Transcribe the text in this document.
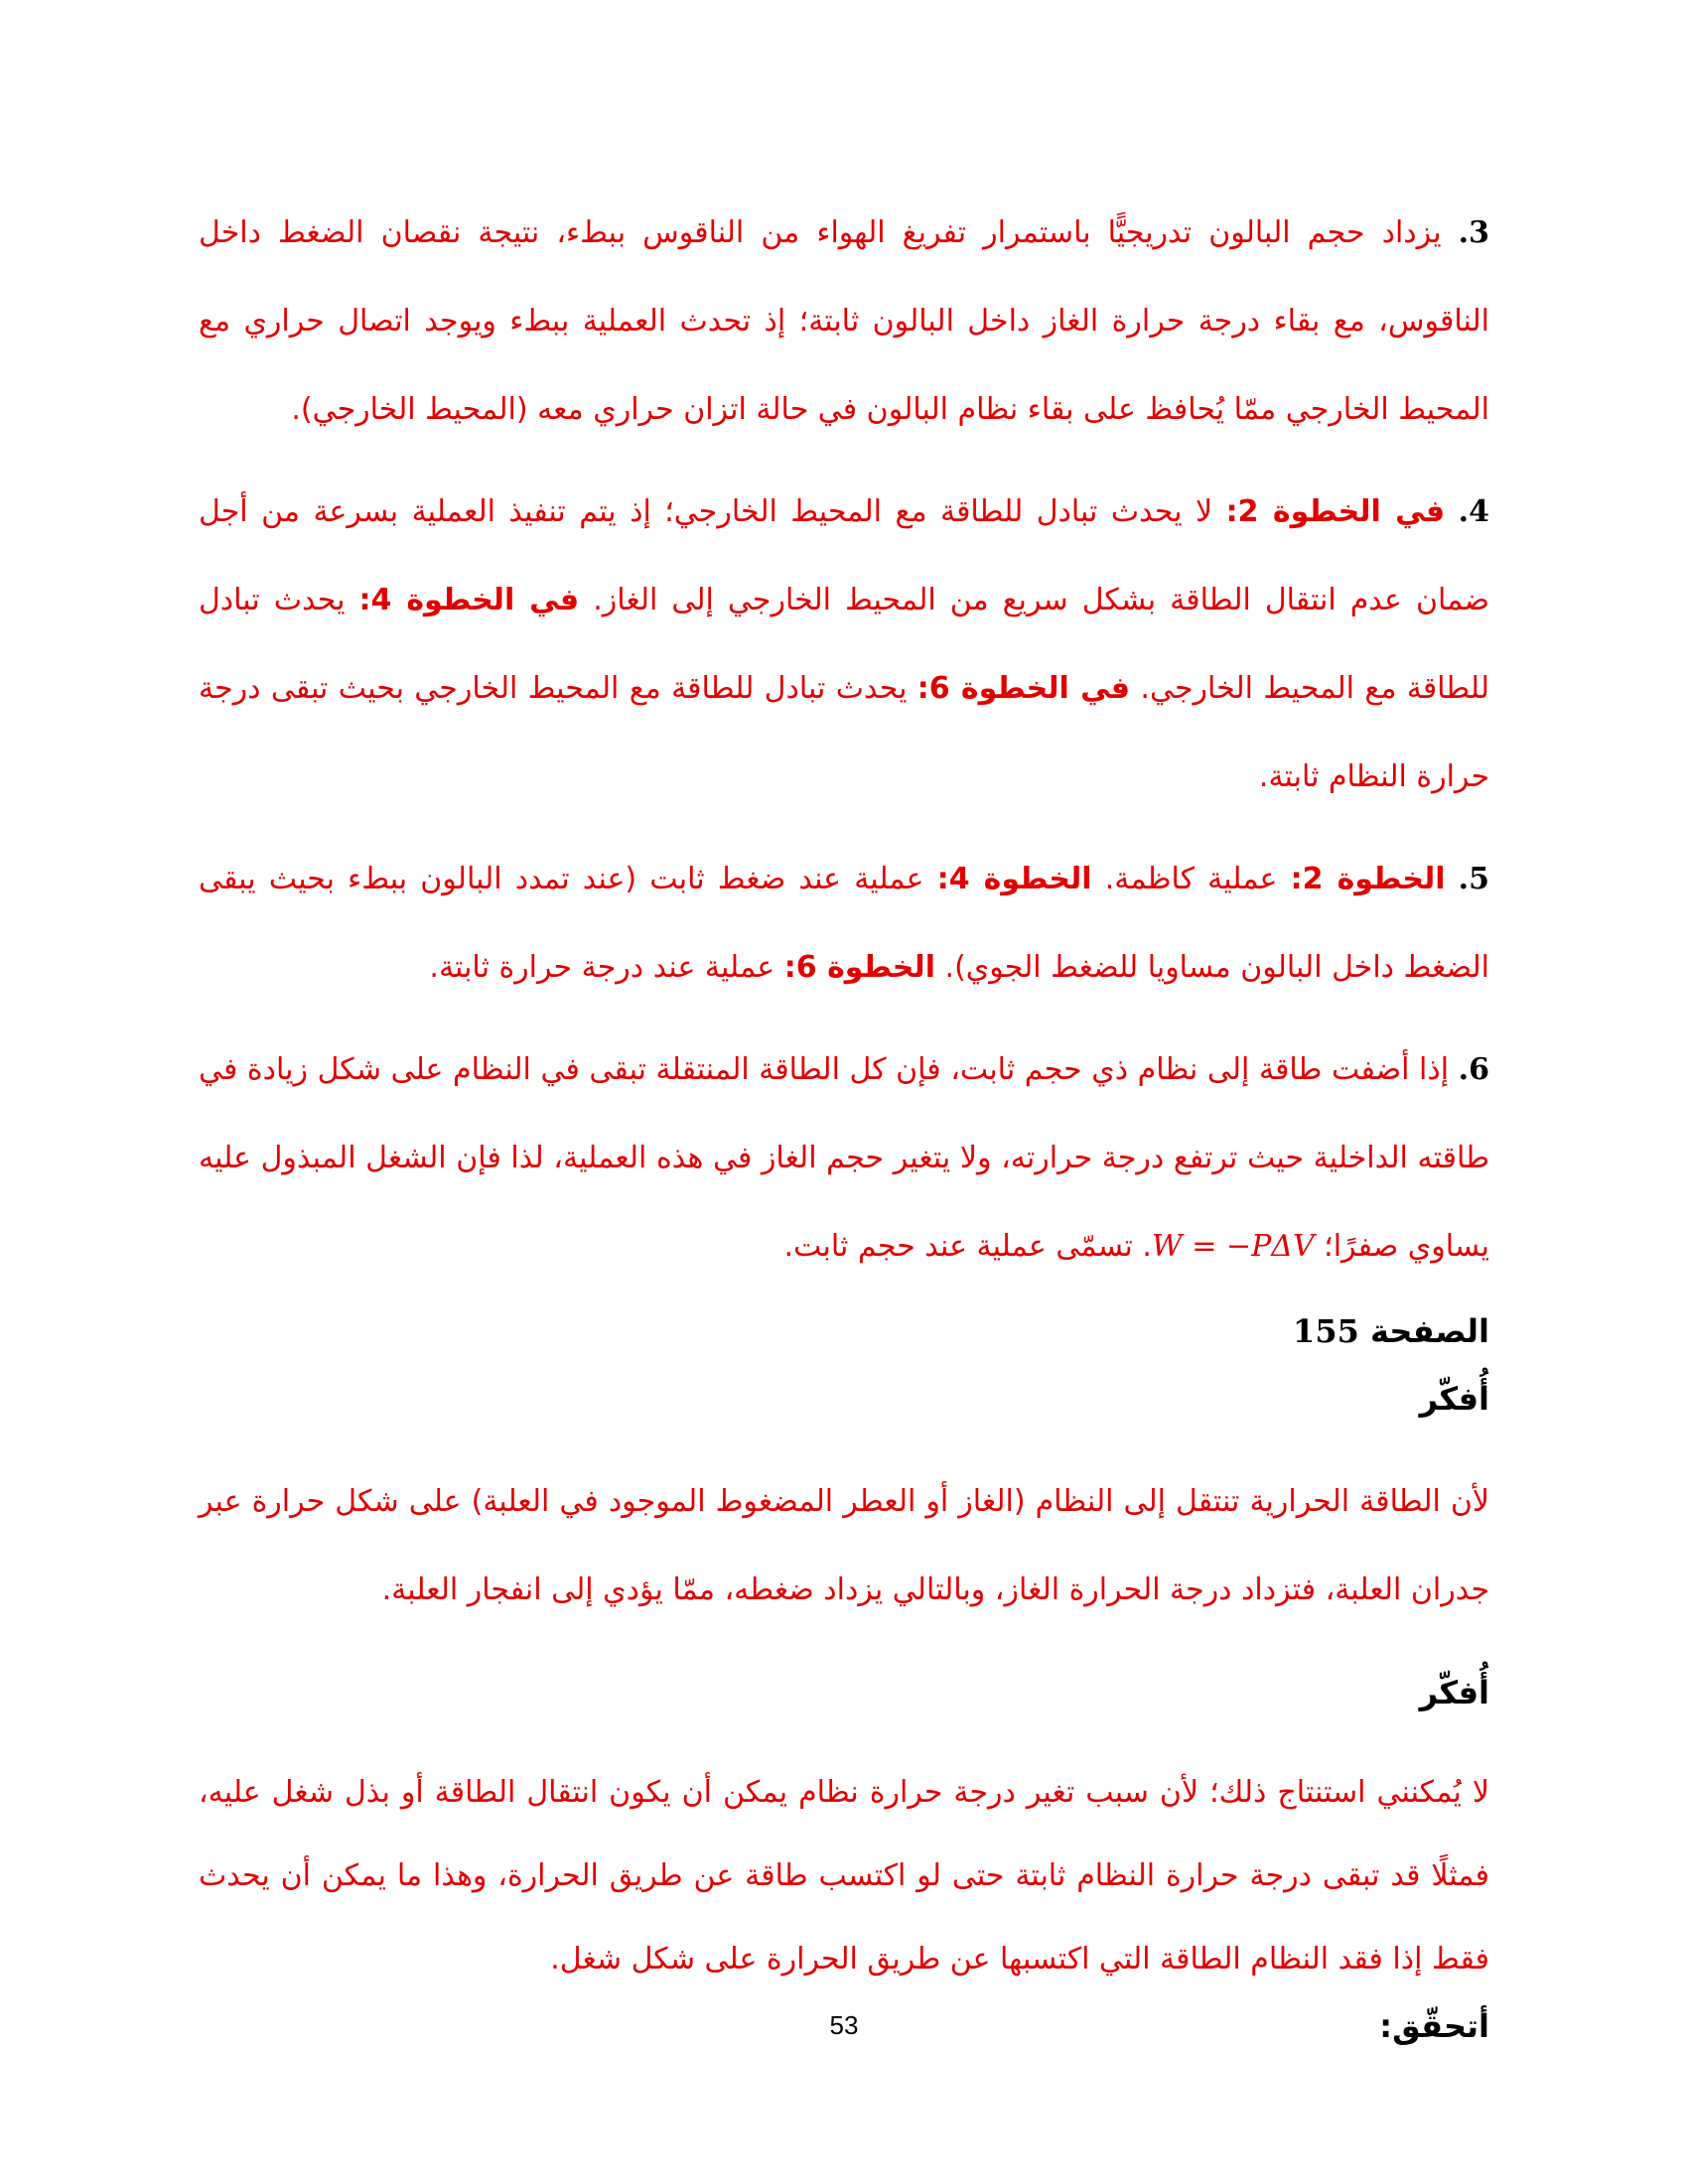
3. يزداد حجم البالون تدريجيًّا باستمرار تفريغ الهواء من الناقوس ببطء، نتيجة نقصان الضغط داخل الناقوس، مع بقاء درجة حرارة الغاز داخل البالون ثابتة؛ إذ تحدث العملية ببطء ويوجد اتصال حراري مع المحيط الخارجي ممّا يُحافظ على بقاء نظام البالون في حالة اتزان حراري معه (المحيط الخارجي).

4. في الخطوة 2: لا يحدث تبادل للطاقة مع المحيط الخارجي؛ إذ يتم تنفيذ العملية بسرعة من أجل ضمان عدم انتقال الطاقة بشكل سريع من المحيط الخارجي إلى الغاز. في الخطوة 4: يحدث تبادل للطاقة مع المحيط الخارجي. في الخطوة 6: يحدث تبادل للطاقة مع المحيط الخارجي بحيث تبقى درجة حرارة النظام ثابتة.

5. الخطوة 2: عملية كاظمة. الخطوة 4: عملية عند ضغط ثابت (عند تمدد البالون ببطء بحيث يبقى الضغط داخل البالون مساويا للضغط الجوي). الخطوة 6: عملية عند درجة حرارة ثابتة.

6. إذا أضفت طاقة إلى نظام ذي حجم ثابت، فإن كل الطاقة المنتقلة تبقى في النظام على شكل زيادة في طاقته الداخلية حيث ترتفع درجة حرارته، ولا يتغير حجم الغاز في هذه العملية، لذا فإن الشغل المبذول عليه يساوي صفرًا؛ W = −PΔV. تسمّى عملية عند حجم ثابت.

الصفحة 155

أُفكّر

لأن الطاقة الحرارية تنتقل إلى النظام (الغاز أو العطر المضغوط الموجود في العلبة) على شكل حرارة عبر جدران العلبة، فتزداد درجة الحرارة الغاز، وبالتالي يزداد ضغطه، ممّا يؤدي إلى انفجار العلبة.

أُفكّر

لا يُمكنني استنتاج ذلك؛ لأن سبب تغير درجة حرارة نظام يمكن أن يكون انتقال الطاقة أو بذل شغل عليه، فمثلًا قد تبقى درجة حرارة النظام ثابتة حتى لو اكتسب طاقة عن طريق الحرارة، وهذا ما يمكن أن يحدث فقط إذا فقد النظام الطاقة التي اكتسبها عن طريق الحرارة على شكل شغل.

أتحقّق:

53
